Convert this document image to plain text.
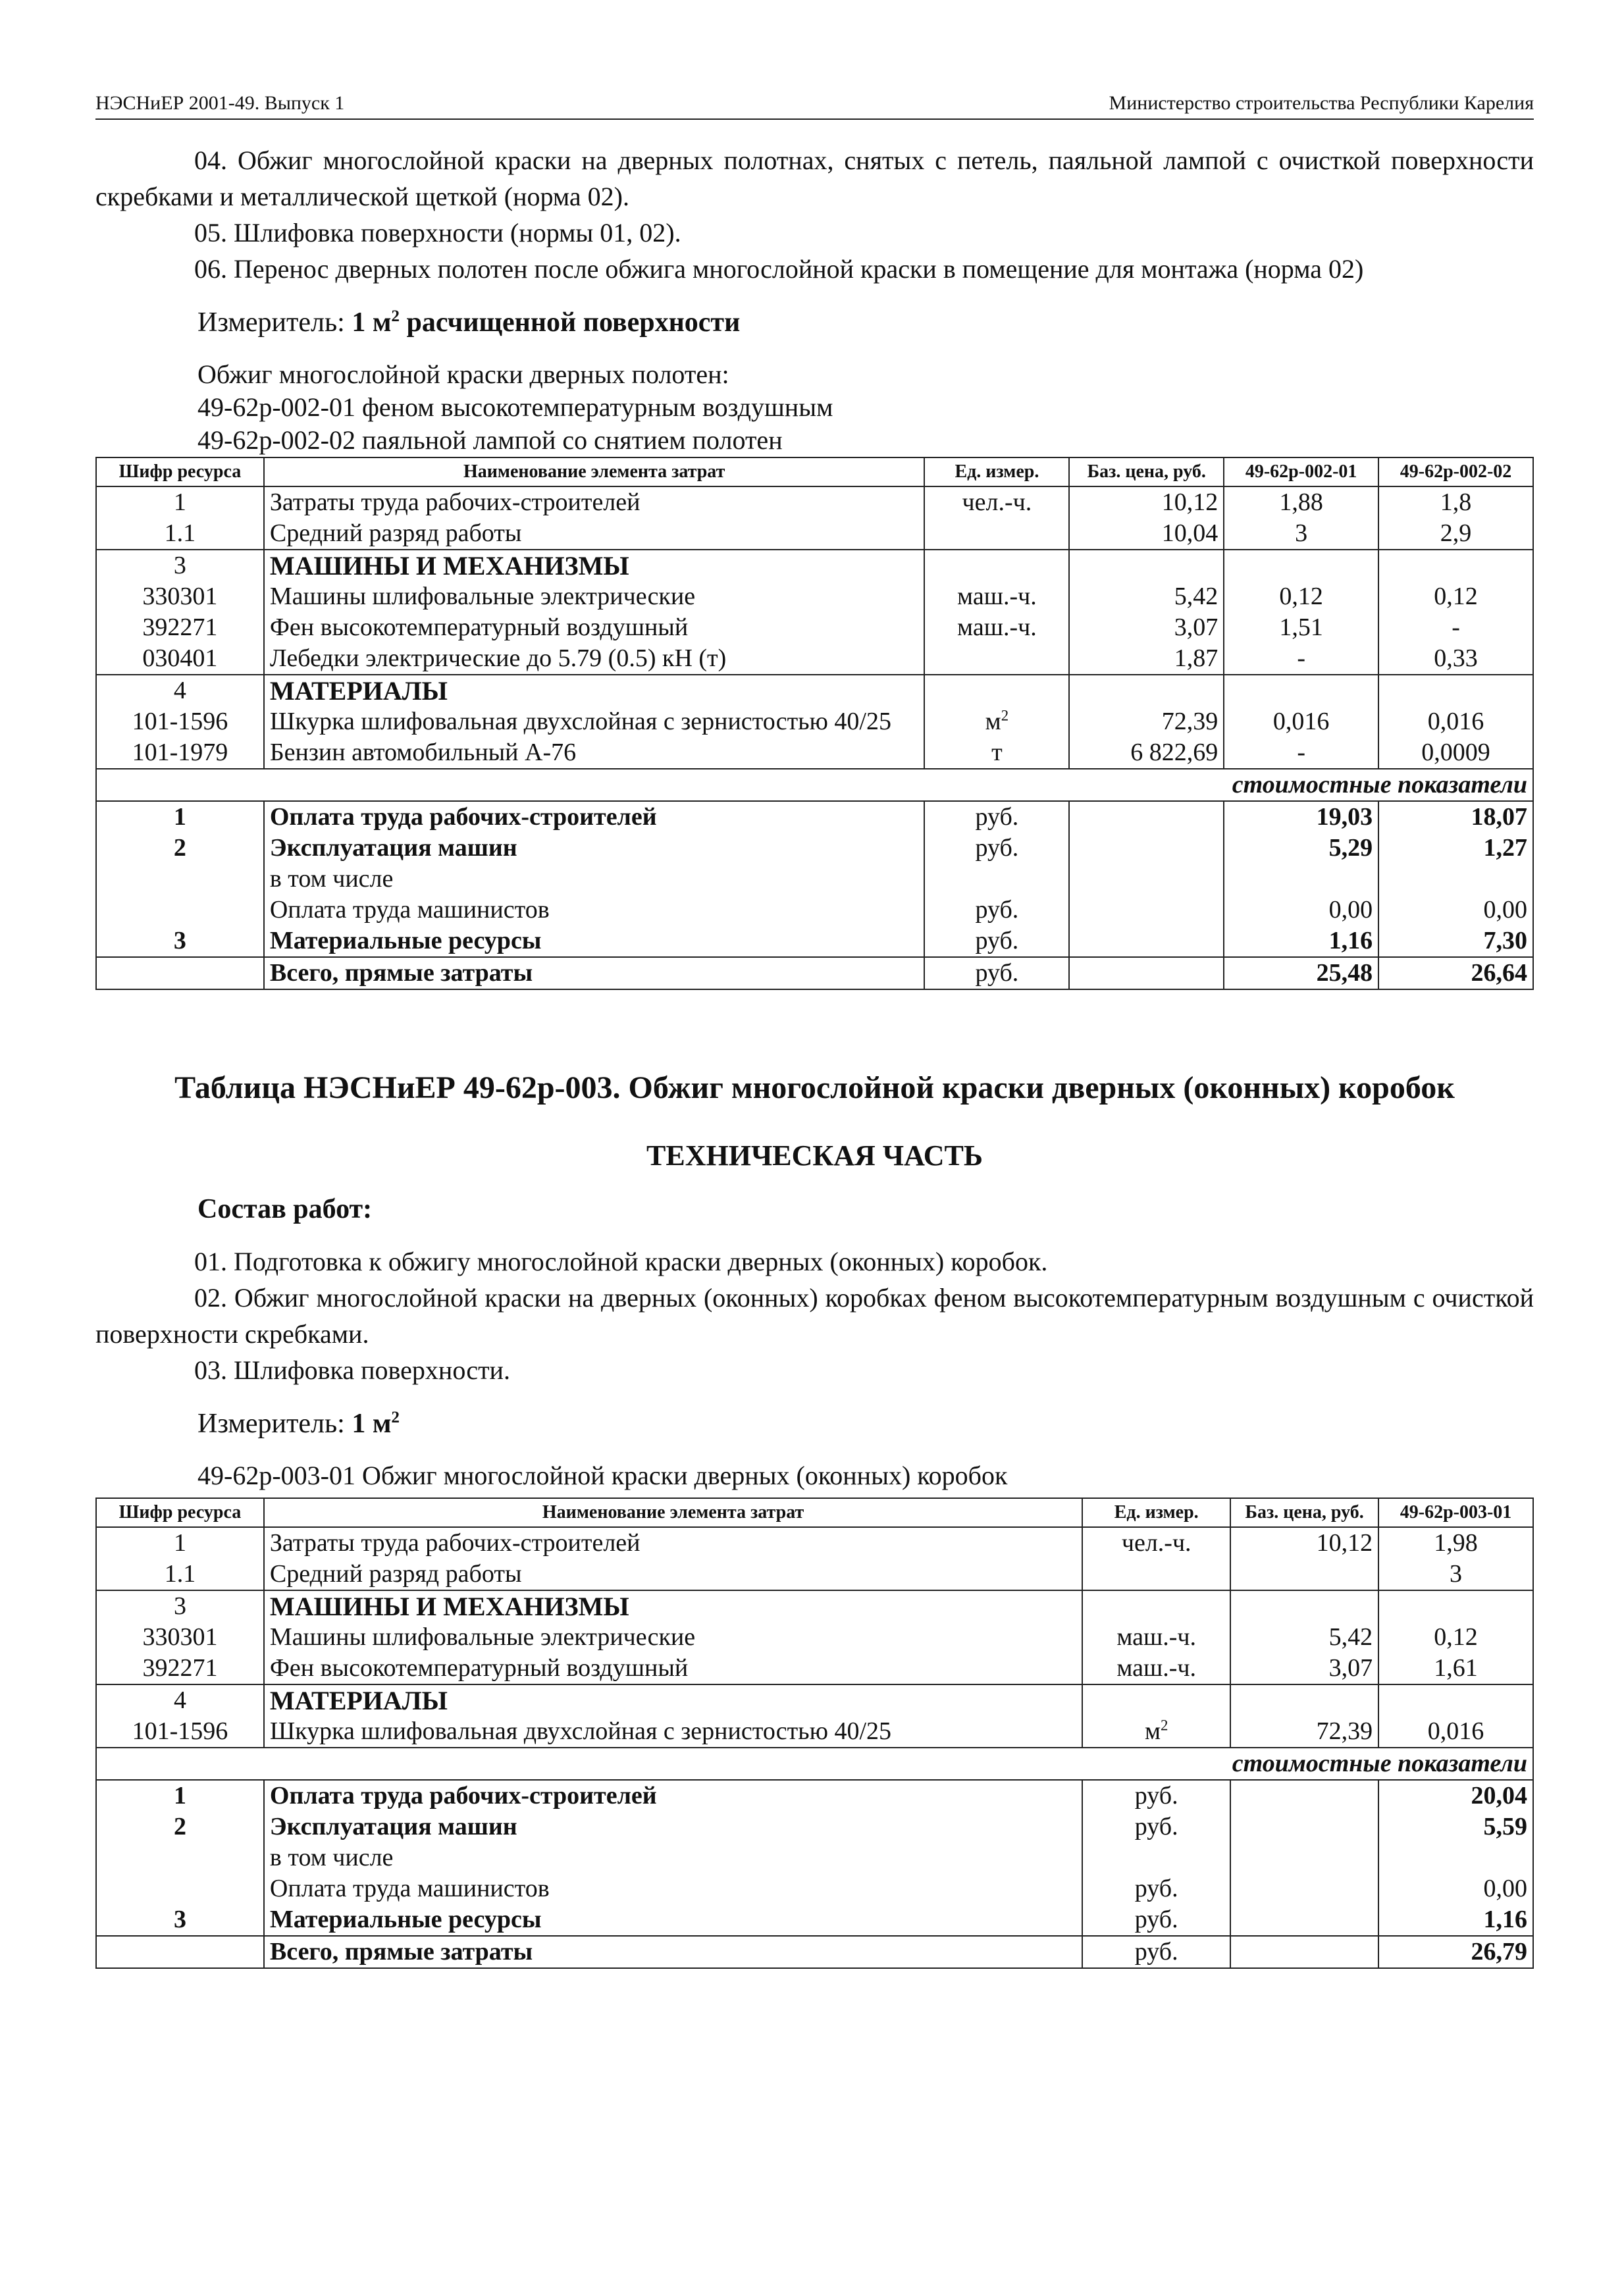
НЭСНиЕР 2001-49. Выпуск 1	Министерство строительства Республики Карелия
04. Обжиг многослойной краски на дверных полотнах, снятых с петель, паяльной лампой с очисткой поверхности скребками и металлической щеткой (норма 02).
05. Шлифовка поверхности (нормы 01, 02).
06. Перенос дверных полотен после обжига многослойной краски в помещение для монтажа (норма 02)
Измеритель: 1 $м^2$ расчищенной поверхности
Обжиг многослойной краски дверных полотен:
49-62р-002-01 феном высокотемпературным воздушным
49-62р-002-02 паяльной лампой со снятием полотен
Шифр ресурса	Наименование элемента затрат	Ед. измер.	Баз. цена, руб.	49-62р-002-01	49-62р-002-02
1	Затраты труда рабочих-строителей	чел.-ч.	10,12	1,88	1,8
1.1	Средний разряд работы		10,04	3	2,9
3	МАШИНЫ И МЕХАНИЗМЫ				
330301	Машины шлифовальные электрические	маш.-ч.	5,42	0,12	0,12
392271	Фен высокотемпературный воздушный	маш.-ч.	3,07	1,51	-
030401	Лебедки электрические до 5.79 (0.5) кН (т)		1,87	-	0,33
4	МАТЕРИАЛЫ				
101-1596	Шкурка шлифовальная двухслойная с зернистостью 40/25	$м^2$	72,39	0,016	0,016
101-1979	Бензин автомобильный А-76	т	6 822,69	-	0,0009
стоимостные показатели					
1	Оплата труда рабочих-строителей	руб.		19,03	18,07
2	Эксплуатация машин	руб.		5,29	1,27
	в том числе				
	Оплата труда машинистов	руб.		0,00	0,00
3	Материальные ресурсы	руб.		1,16	7,30
	Всего, прямые затраты	руб.		25,48	26,64
Таблица НЭСНиЕР 49-62р-003. Обжиг многослойной краски дверных (оконных) коробок
ТЕХНИЧЕСКАЯ ЧАСТЬ
Состав работ:
01. Подготовка к обжигу многослойной краски дверных (оконных) коробок.
02. Обжиг многослойной краски на дверных (оконных) коробках феном высокотемпературным воздушным с очисткой поверхности скребками.
03. Шлифовка поверхности.
Измеритель: 1 $м^2$
49-62р-003-01 Обжиг многослойной краски дверных (оконных) коробок
Шифр ресурса	Наименование элемента затрат	Ед. измер.	Баз. цена, руб.	49-62р-003-01
1	Затраты труда рабочих-строителей	чел.-ч.	10,12	1,98
1.1	Средний разряд работы			3
3	МАШИНЫ И МЕХАНИЗМЫ			
330301	Машины шлифовальные электрические	маш.-ч.	5,42	0,12
392271	Фен высокотемпературный воздушный	маш.-ч.	3,07	1,61
4	МАТЕРИАЛЫ			
101-1596	Шкурка шлифовальная двухслойная с зернистостью 40/25	$м^2$	72,39	0,016
стоимостные показатели				
1	Оплата труда рабочих-строителей	руб.		20,04
2	Эксплуатация машин	руб.		5,59
	в том числе			
	Оплата труда машинистов	руб.		0,00
3	Материальные ресурсы	руб.		1,16
	Всего, прямые затраты	руб.		26,79
